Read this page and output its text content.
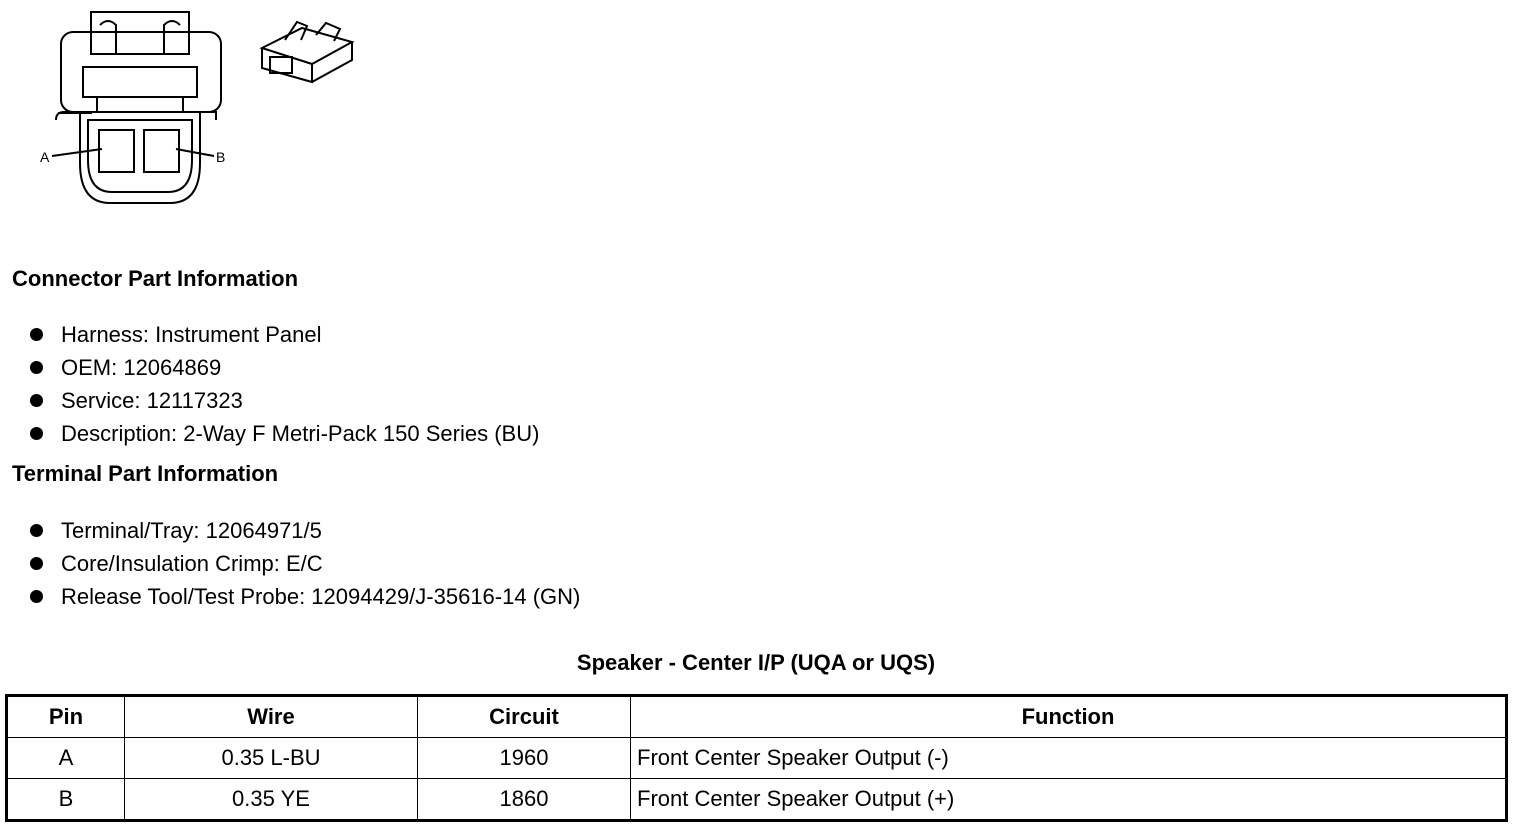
A	B
Connector Part Information
Harness: Instrument Panel
OEM: 12064869
Service: 12117323
Description: 2-Way F Metri-Pack 150 Series (BU)
Terminal Part Information
Terminal/Tray: 12064971/5
Core/Insulation Crimp: E/C
Release Tool/Test Probe: 12094429/J-35616-14 (GN)
Speaker - Center I/P (UQA or UQS)
Pin	Wire	Circuit	Function
A	0.35 L-BU	1960	Front Center Speaker Output (-)
B	0.35 YE	1860	Front Center Speaker Output (+)
